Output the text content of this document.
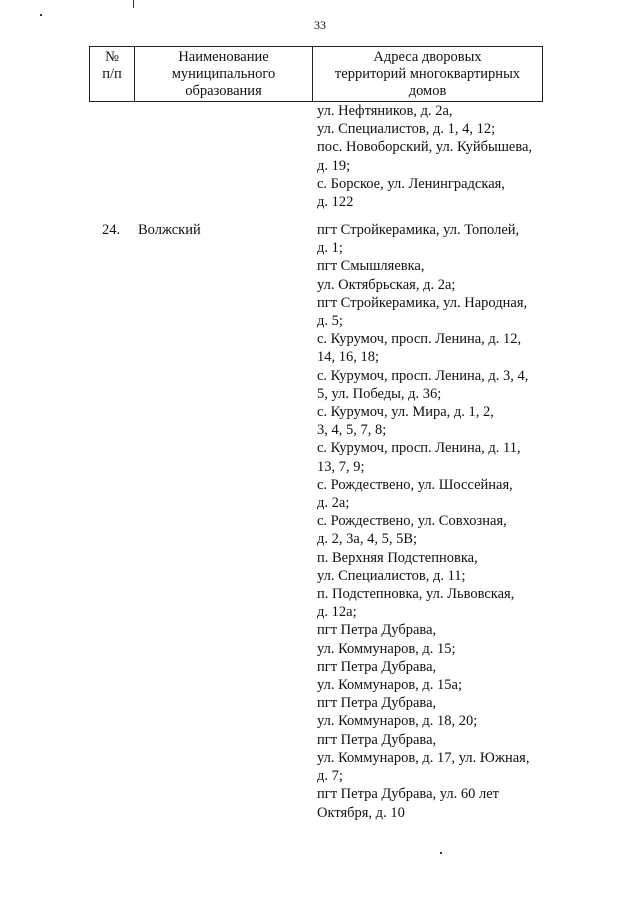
33
№
п/п
Наименование
муниципального
образования
Адреса дворовых
территорий многоквартирных
домов
ул. Нефтяников, д. 2а,
ул. Специалистов, д. 1, 4, 12;
пос. Новоборский, ул. Куйбышева,
д. 19;
с. Борское, ул. Ленинградская,
д. 122
24. Волжский	пгт Стройкерамика, ул. Тополей,
д. 1;
пгт Смышляевка,
ул. Октябрьская, д. 2а;
пгт Стройкерамика, ул. Народная,
д. 5;
с. Курумоч, просп. Ленина, д. 12,
14, 16, 18;
с. Курумоч, просп. Ленина, д. 3, 4,
5, ул. Победы, д. 36;
с. Курумоч, ул. Мира, д. 1, 2,
3, 4, 5, 7, 8;
с. Курумоч, просп. Ленина, д. 11,
13, 7, 9;
с. Рождествено, ул. Шоссейная,
д. 2а;
с. Рождествено, ул. Совхозная,
д. 2, 3а, 4, 5, 5В;
п. Верхняя Подстепновка,
ул. Специалистов, д. 11;
п. Подстепновка, ул. Львовская,
д. 12а;
пгт Петра Дубрава,
ул. Коммунаров, д. 15;
пгт Петра Дубрава,
ул. Коммунаров, д. 15а;
пгт Петра Дубрава,
ул. Коммунаров, д. 18, 20;
пгт Петра Дубрава,
ул. Коммунаров, д. 17, ул. Южная,
д. 7;
пгт Петра Дубрава, ул. 60 лет
Октября, д. 10
